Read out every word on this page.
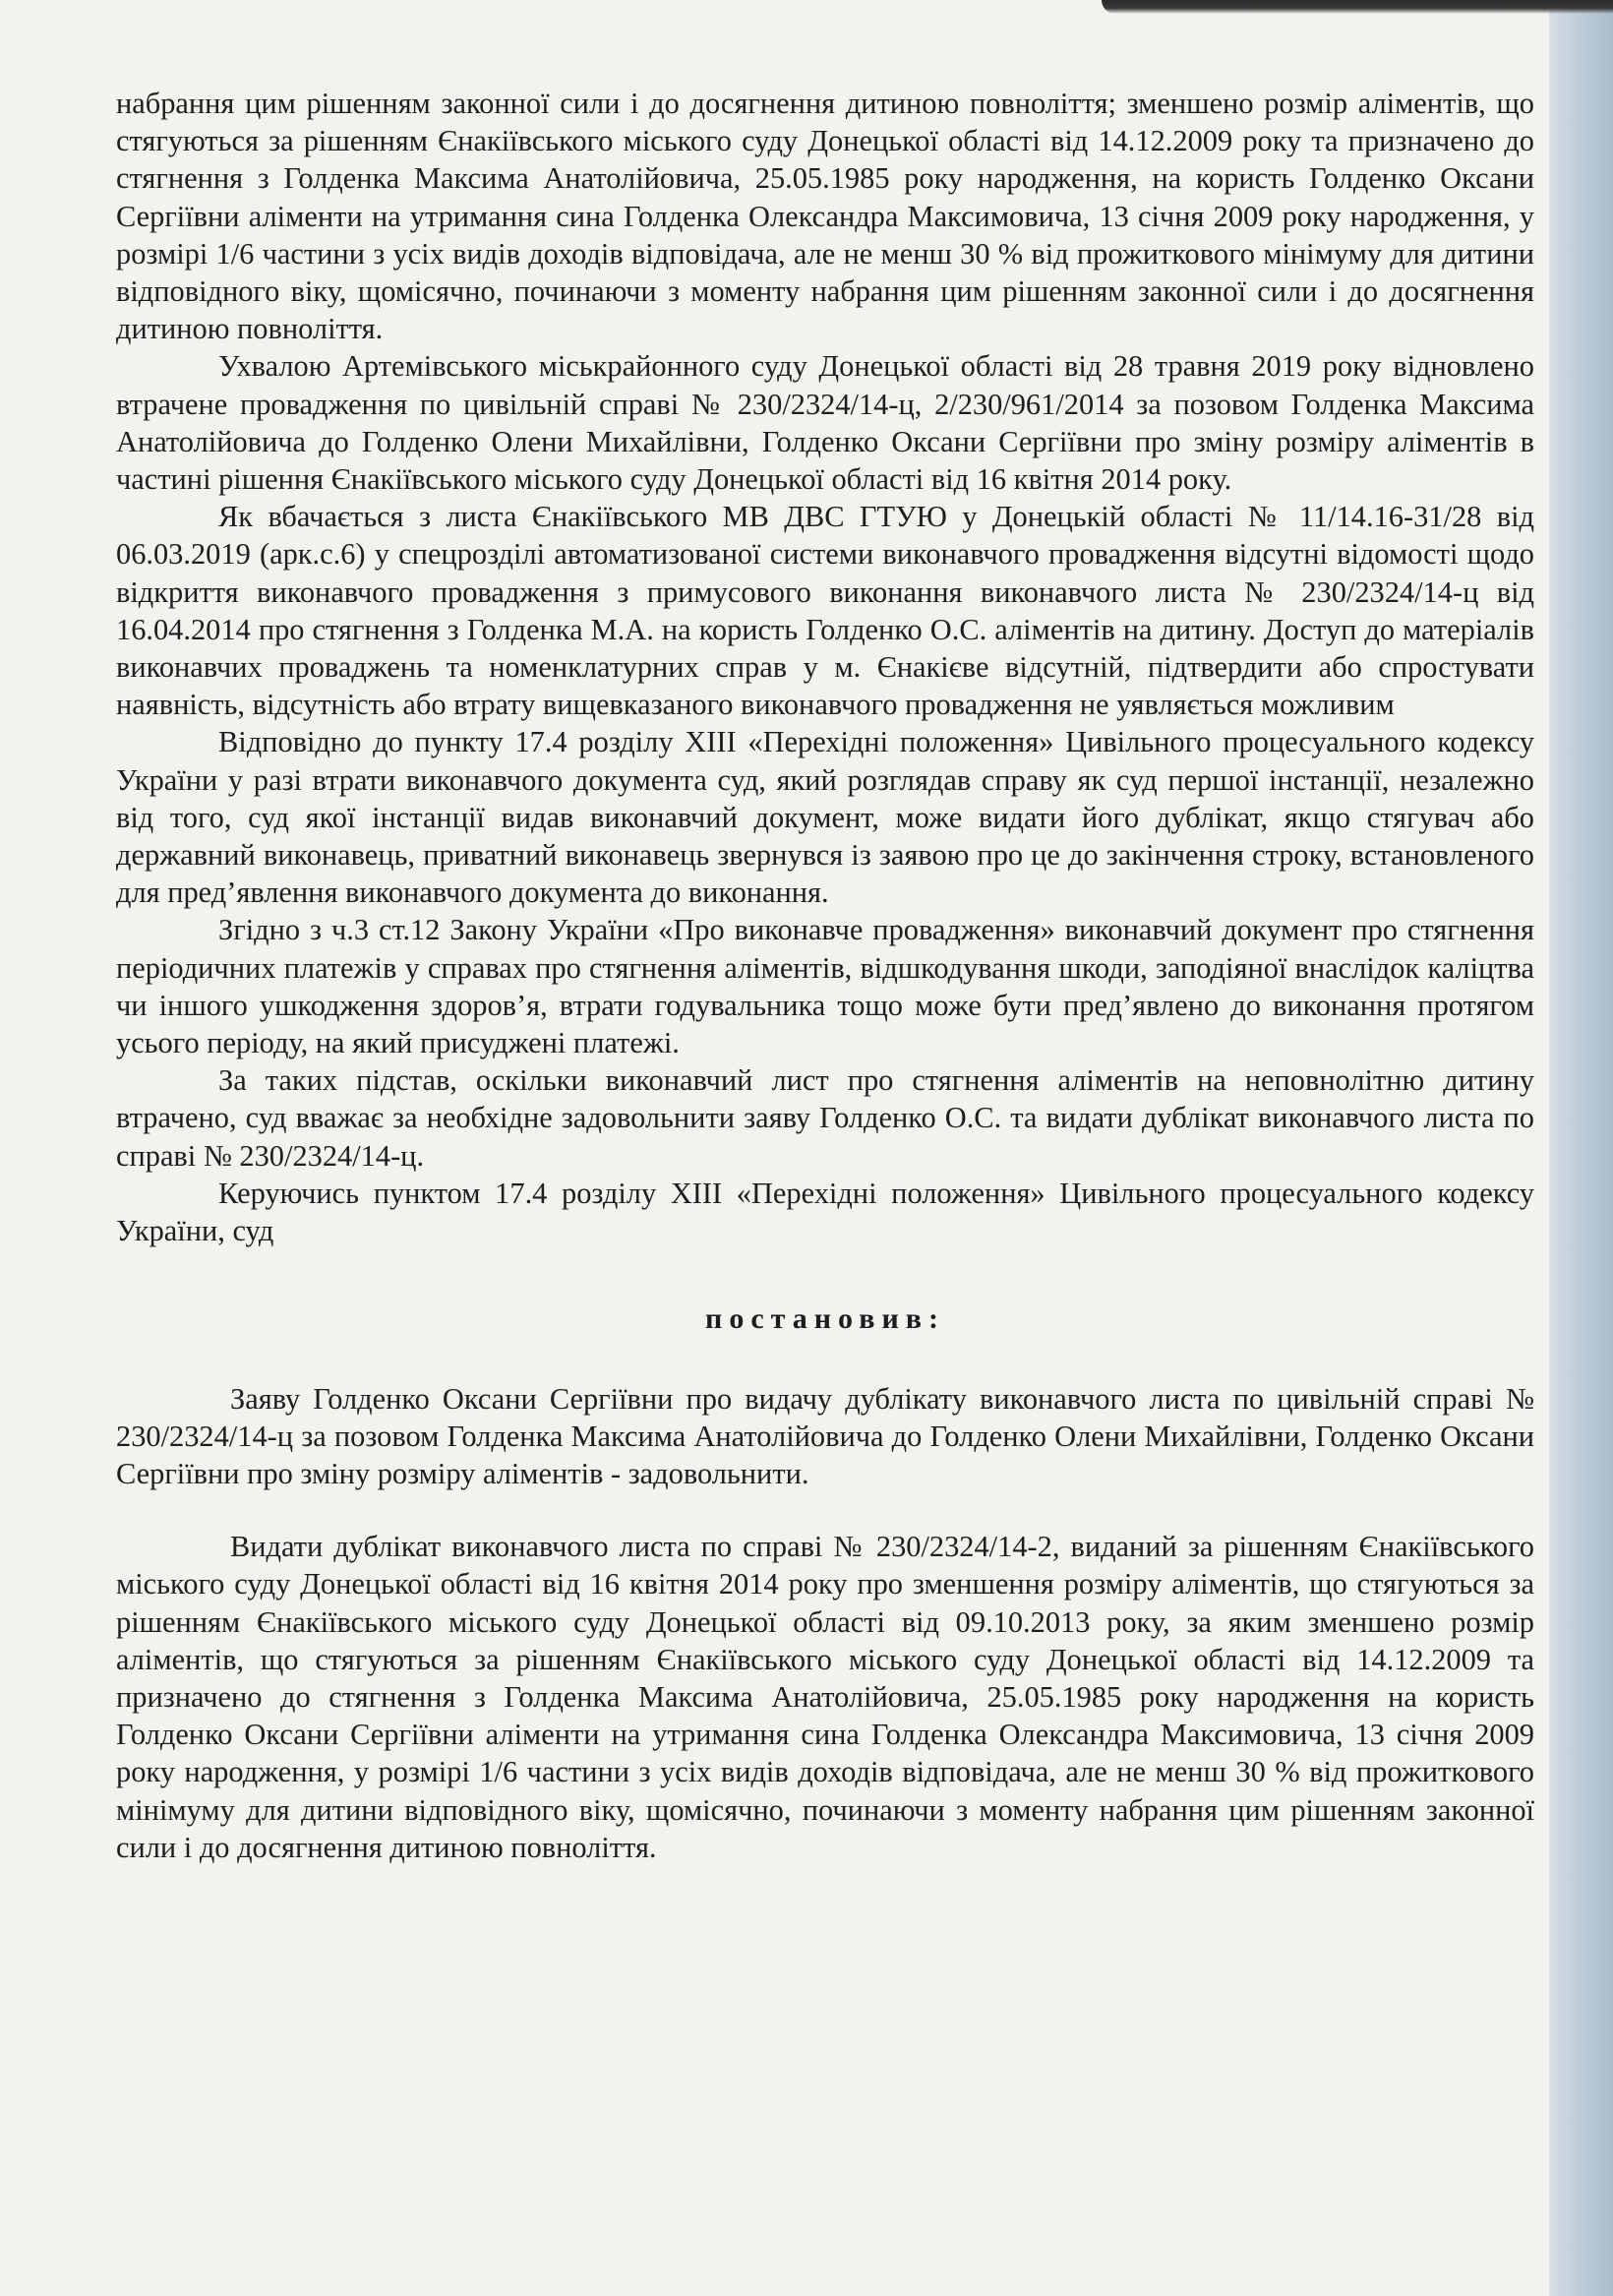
набрання цим рішенням законної сили і до досягнення дитиною повноліття; зменшено розмір аліментів, що стягуються за рішенням Єнакіївського міського суду Донецької області від 14.12.2009 року та призначено до стягнення з Голденка Максима Анатолійовича, 25.05.1985 року народження, на користь Голденко Оксани Сергіївни аліменти на утримання сина Голденка Олександра Максимовича, 13 січня 2009 року народження, у розмірі 1/6 частини з усіх видів доходів відповідача, але не менш 30 % від прожиткового мінімуму для дитини відповідного віку, щомісячно, починаючи з моменту набрання цим рішенням законної сили і до досягнення дитиною повноліття.

Ухвалою Артемівського міськрайонного суду Донецької області від 28 травня 2019 року відновлено втрачене провадження по цивільній справі № 230/2324/14-ц, 2/230/961/2014 за позовом Голденка Максима Анатолійовича до Голденко Олени Михайлівни, Голденко Оксани Сергіївни про зміну розміру аліментів в частині рішення Єнакіївського міського суду Донецької області від 16 квітня 2014 року.

Як вбачається з листа Єнакіївського МВ ДВС ГТУЮ у Донецькій області № 11/14.16-31/28 від 06.03.2019 (арк.с.6) у спецрозділі автоматизованої системи виконавчого провадження відсутні відомості щодо відкриття виконавчого провадження з примусового виконання виконавчого листа № 230/2324/14-ц від 16.04.2014 про стягнення з Голденка М.А. на користь Голденко О.С. аліментів на дитину. Доступ до матеріалів виконавчих проваджень та номенклатурних справ у м. Єнакієве відсутній, підтвердити або спростувати наявність, відсутність або втрату вищевказаного виконавчого провадження не уявляється можливим

Відповідно до пункту 17.4 розділу XIII «Перехідні положення» Цивільного процесуального кодексу України у разі втрати виконавчого документа суд, який розглядав справу як суд першої інстанції, незалежно від того, суд якої інстанції видав виконавчий документ, може видати його дублікат, якщо стягувач або державний виконавець, приватний виконавець звернувся із заявою про це до закінчення строку, встановленого для пред’явлення виконавчого документа до виконання.

Згідно з ч.3 ст.12 Закону України «Про виконавче провадження» виконавчий документ про стягнення періодичних платежів у справах про стягнення аліментів, відшкодування шкоди, заподіяної внаслідок каліцтва чи іншого ушкодження здоров’я, втрати годувальника тощо може бути пред’явлено до виконання протягом усього періоду, на який присуджені платежі.

За таких підстав, оскільки виконавчий лист про стягнення аліментів на неповнолітню дитину втрачено, суд вважає за необхідне задовольнити заяву Голденко О.С. та видати дублікат виконавчого листа по справі № 230/2324/14-ц.

Керуючись пунктом 17.4 розділу XIII «Перехідні положення» Цивільного процесуального кодексу України, суд

постановив:

Заяву Голденко Оксани Сергіївни про видачу дублікату виконавчого листа по цивільній справі № 230/2324/14-ц за позовом Голденка Максима Анатолійовича до Голденко Олени Михайлівни, Голденко Оксани Сергіївни про зміну розміру аліментів - задовольнити.

Видати дублікат виконавчого листа по справі № 230/2324/14-2, виданий за рішенням Єнакіївського міського суду Донецької області від 16 квітня 2014 року про зменшення розміру аліментів, що стягуються за рішенням Єнакіївського міського суду Донецької області від 09.10.2013 року, за яким зменшено розмір аліментів, що стягуються за рішенням Єнакіївського міського суду Донецької області від 14.12.2009 та призначено до стягнення з Голденка Максима Анатолійовича, 25.05.1985 року народження на користь Голденко Оксани Сергіївни аліменти на утримання сина Голденка Олександра Максимовича, 13 січня 2009 року народження, у розмірі 1/6 частини з усіх видів доходів відповідача, але не менш 30 % від прожиткового мінімуму для дитини відповідного віку, щомісячно, починаючи з моменту набрання цим рішенням законної сили і до досягнення дитиною повноліття.
